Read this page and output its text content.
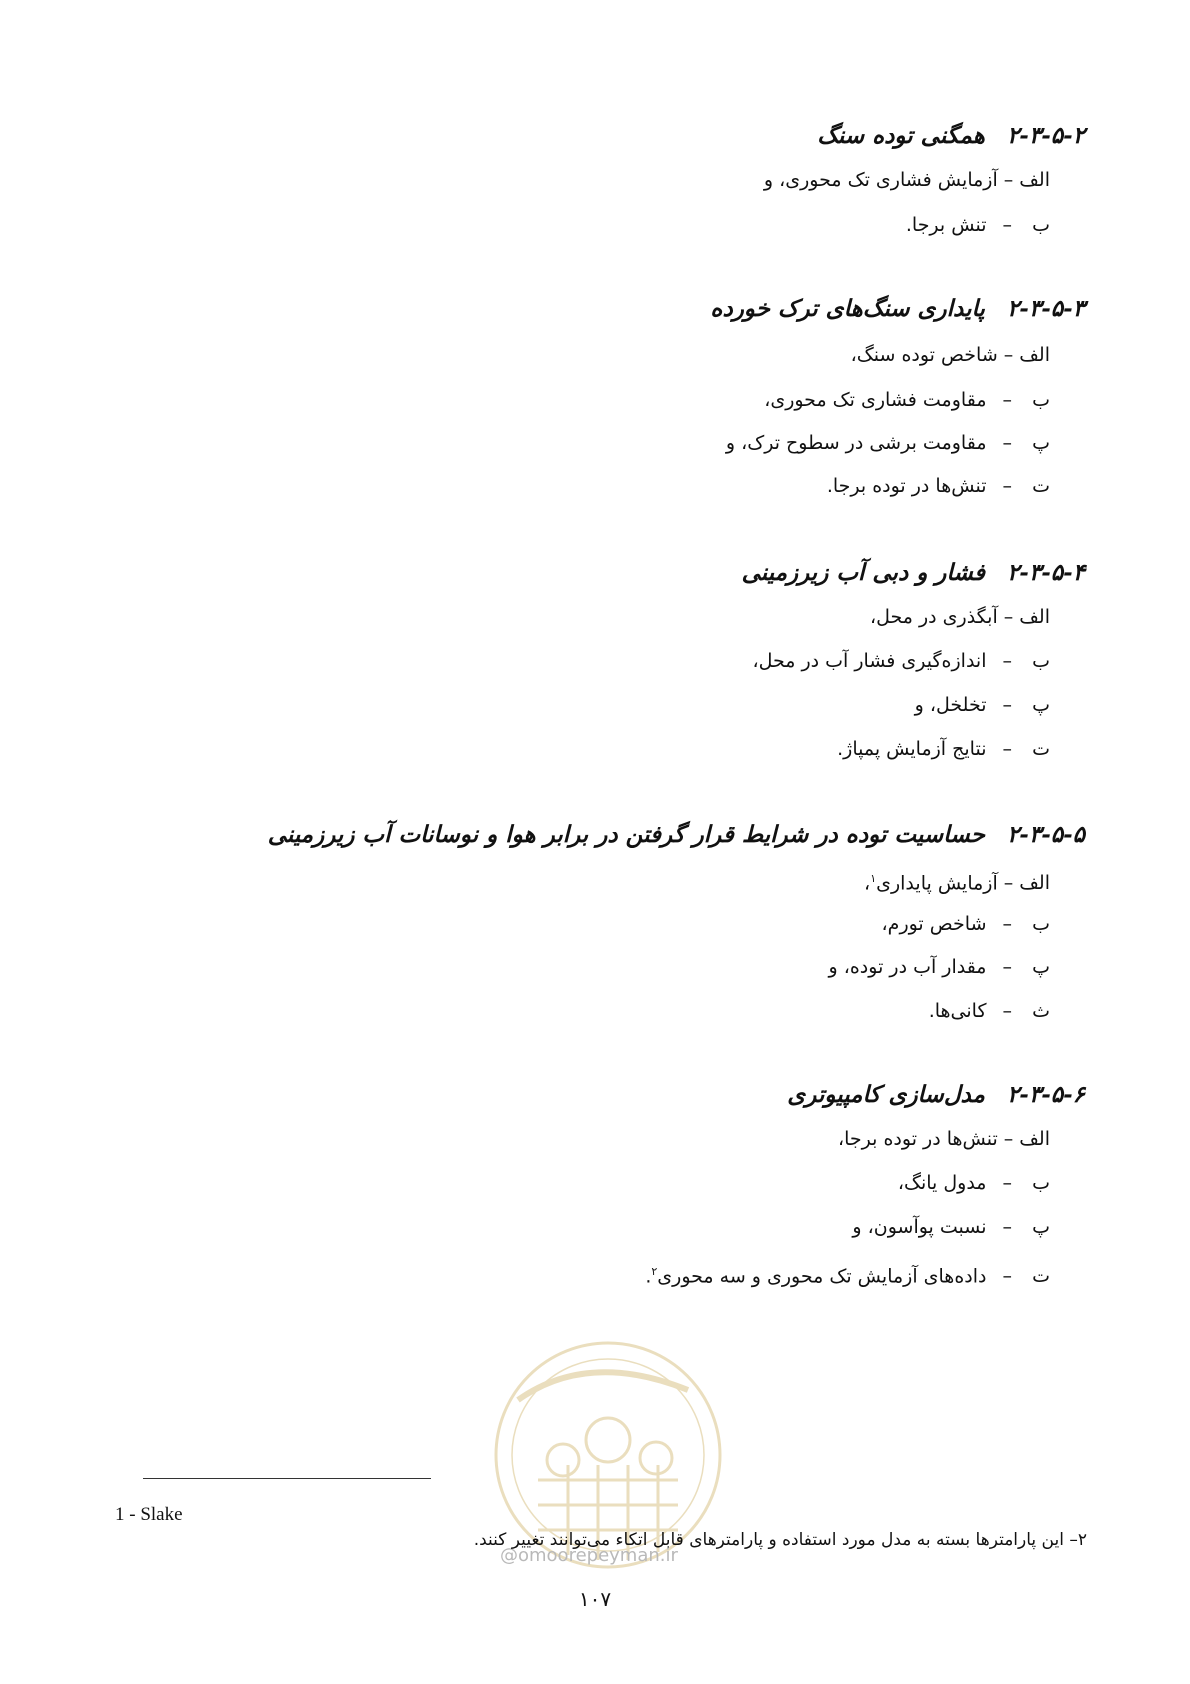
۲-۳-۵-۲همگنی توده سنگ
الف–آزمایش فشاری تک محوری، و
ب–تنش برجا.
۲-۳-۵-۳پایداری سنگ‌های ترک خورده
الف–شاخص توده سنگ،
ب–مقاومت فشاری تک محوری،
پ–مقاومت برشی در سطوح ترک، و
ت–تنش‌ها در توده برجا.
۲-۳-۵-۴فشار و دبی آب زیرزمینی
الف–آبگذری در محل،
ب–اندازه‌گیری فشار آب در محل،
پ–تخلخل، و
ت–نتایج آزمایش پمپاژ.
۲-۳-۵-۵حساسیت توده در شرایط قرار گرفتن در برابر هوا و نوسانات آب زیرزمینی
الف–آزمایش پایداری$^۱$،
ب–شاخص تورم،
پ–مقدار آب در توده، و
ث–کانی‌ها.
۲-۳-۵-۶مدل‌سازی کامپیوتری
الف–تنش‌ها در توده برجا،
ب–مدول یانگ،
پ–نسبت پوآسون، و
ت–داده‌های آزمایش تک محوری و سه محوری$^۲$.
@omoorepeyman.ir
1 - Slake
۲– این پارامترها بسته به مدل مورد استفاده و پارامترهای قابل اتکاء می‌توانند تغییر کنند.
۱۰۷
